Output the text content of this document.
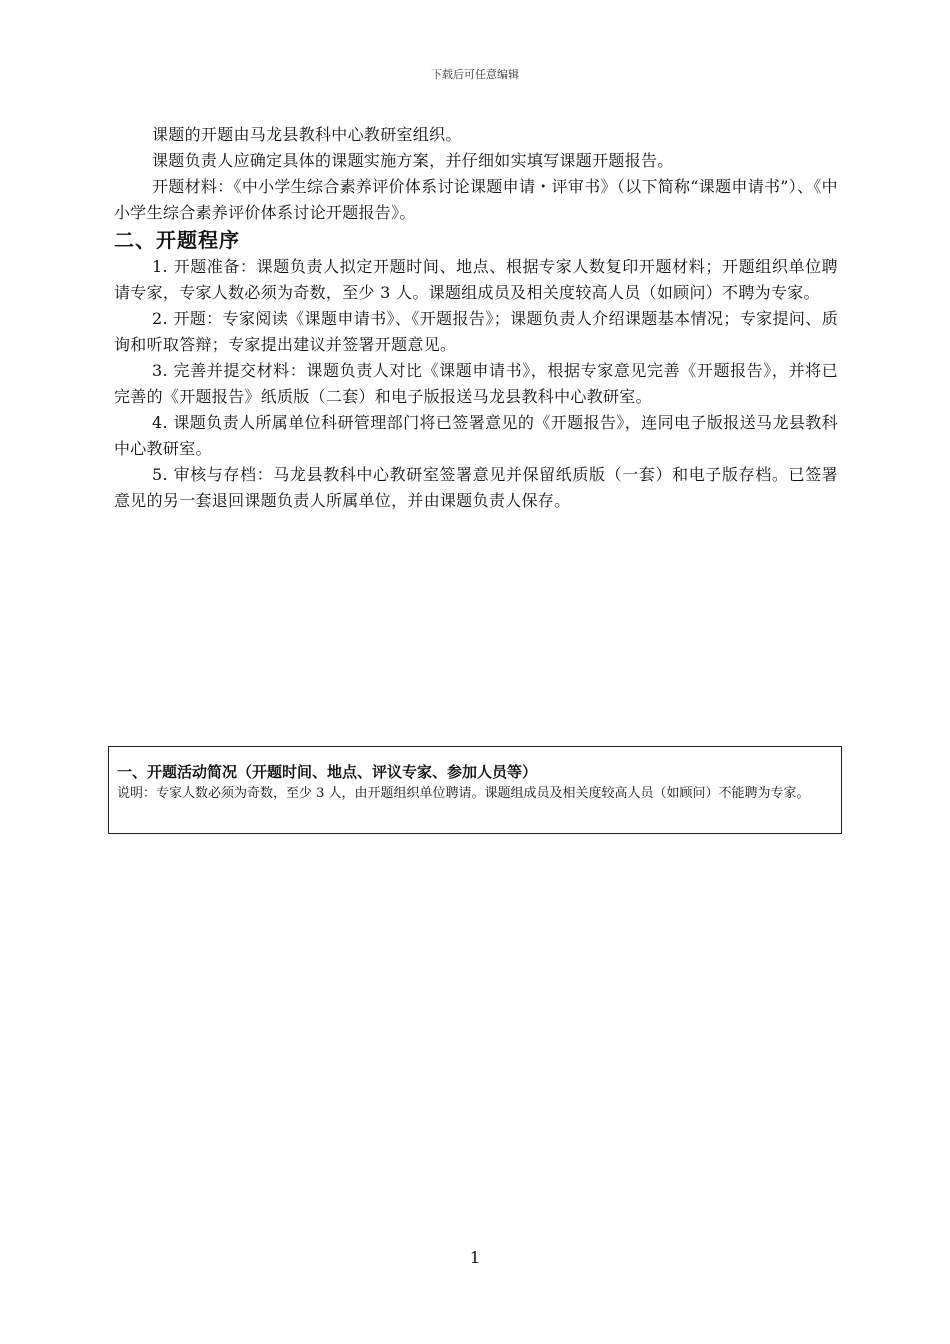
下载后可任意编辑

课题的开题由马龙县教科中心教研室组织。

课题负责人应确定具体的课题实施方案，并仔细如实填写课题开题报告。

开题材料：《中小学生综合素养评价体系讨论课题申请・评审书》（以下简称“课题申请书”）、《中小学生综合素养评价体系讨论开题报告》。

二、开题程序

1. 开题准备：课题负责人拟定开题时间、地点、根据专家人数复印开题材料；开题组织单位聘请专家，专家人数必须为奇数，至少 3 人。课题组成员及相关度较高人员（如顾问）不聘为专家。

2. 开题：专家阅读《课题申请书》、《开题报告》；课题负责人介绍课题基本情况；专家提问、质询和听取答辩；专家提出建议并签署开题意见。

3. 完善并提交材料：课题负责人对比《课题申请书》，根据专家意见完善《开题报告》，并将已完善的《开题报告》纸质版（二套）和电子版报送马龙县教科中心教研室。

4. 课题负责人所属单位科研管理部门将已签署意见的《开题报告》，连同电子版报送马龙县教科中心教研室。

5. 审核与存档：马龙县教科中心教研室签署意见并保留纸质版（一套）和电子版存档。已签署意见的另一套退回课题负责人所属单位，并由课题负责人保存。

一、开题活动简况（开题时间、地点、评议专家、参加人员等）

说明：专家人数必须为奇数，至少 3 人，由开题组织单位聘请。课题组成员及相关度较高人员（如顾问）不能聘为专家。

1
